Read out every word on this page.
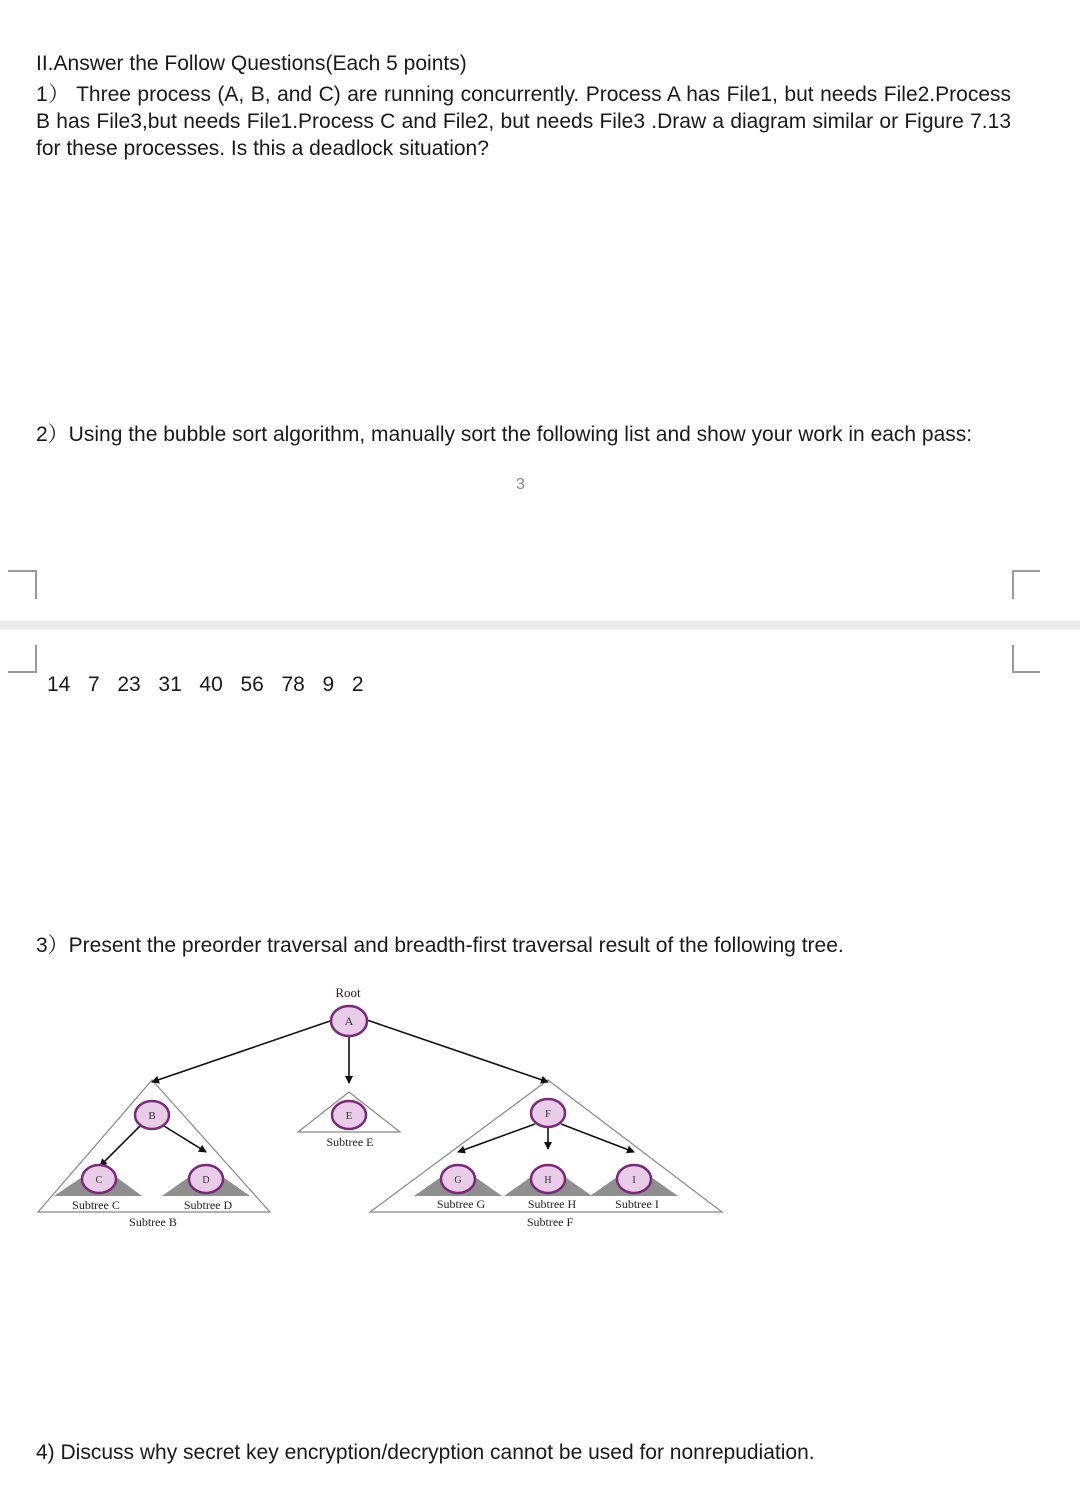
II.Answer the Follow Questions(Each 5 points)
1） Three process (A, B, and C) are running concurrently. Process A has File1, but needs File2.Process B has File3,but needs File1.Process C and File2, but needs File3 .Draw a diagram similar or Figure 7.13 for these processes. Is this a deadlock situation?
2）Using the bubble sort algorithm, manually sort the following list and show your work in each pass:
3
14  7  23  31  40  56  78  9  2
3）Present the preorder traversal and breadth-first traversal result of the following tree.
Root
A
B	E	F
C	D	G	H	I
Subtree C	Subtree D
Subtree B
Subtree E
Subtree G	Subtree H	Subtree I
Subtree F
4) Discuss why secret key encryption/decryption cannot be used for nonrepudiation.
